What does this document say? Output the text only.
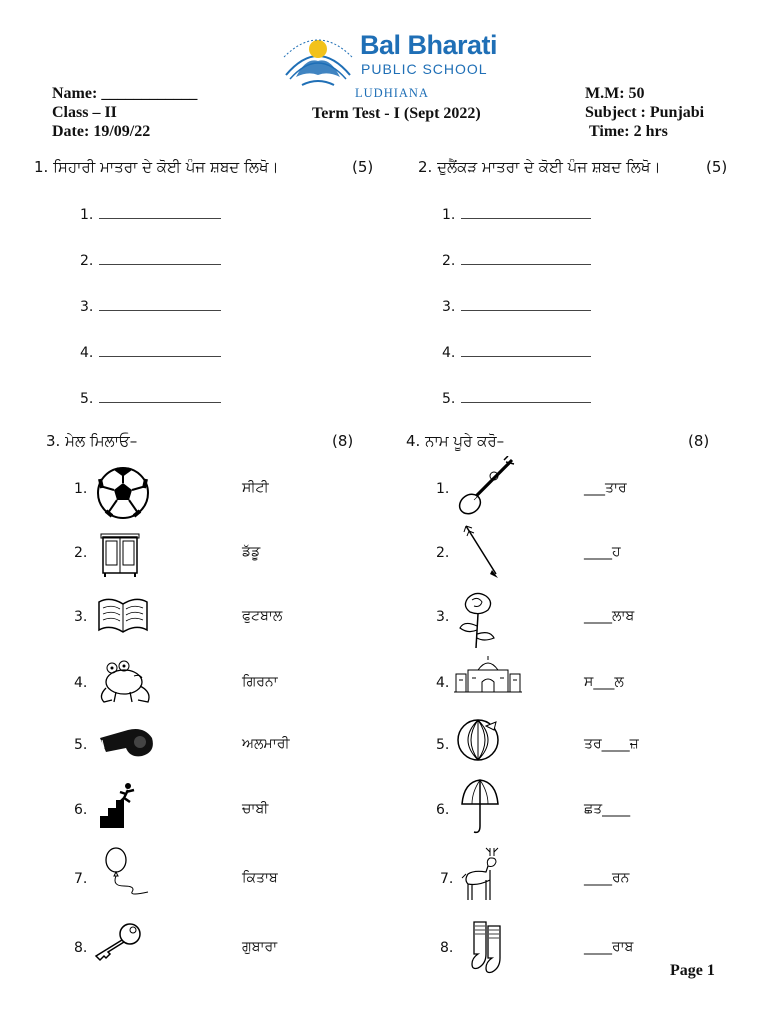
Bal Bharati
PUBLIC SCHOOL
LUDHIANA
Name: ____________
Class – II
Date: 19/09/22
Term Test - I (Sept 2022)
M.M: 50
Subject : Punjabi
Time: 2 hrs
1. ਸਿਹਾਰੀ ਮਾਤਰਾ ਦੇ ਕੋਈ ਪੰਜ ਸ਼ਬਦ ਲਿਖੋ।	(5)
1.
2.
3.
4.
5.
2. ਦੁਲੈਂਕੜ ਮਾਤਰਾ ਦੇ ਕੋਈ ਪੰਜ ਸ਼ਬਦ ਲਿਖੋ।	(5)
1.
2.
3.
4.
5.
3. ਮੇਲ ਮਿਲਾਓ–	(8)	4. ਨਾਮ ਪੂਰੇ ਕਰੋ–	(8)
1.	ਸੀਟੀ
2.	ਡੱਡੂ
3.	ਫੁਟਬਾਲ
4.	ਗਿਰਨਾ
5.	ਅਲਮਾਰੀ
6.	ਚਾਬੀ
7.	ਕਿਤਾਬ
8.	ਗੁਬਾਰਾ
1.	___ਤਾਰ
2.	____ਹ
3.	____ਲਾਬ
4.	ਸ___ਲ
5.	ਤਰ____ਜ਼
6.	ਛਤ____
7.	____ਰਨ
8.	____ਰਾਬ
Page 1
